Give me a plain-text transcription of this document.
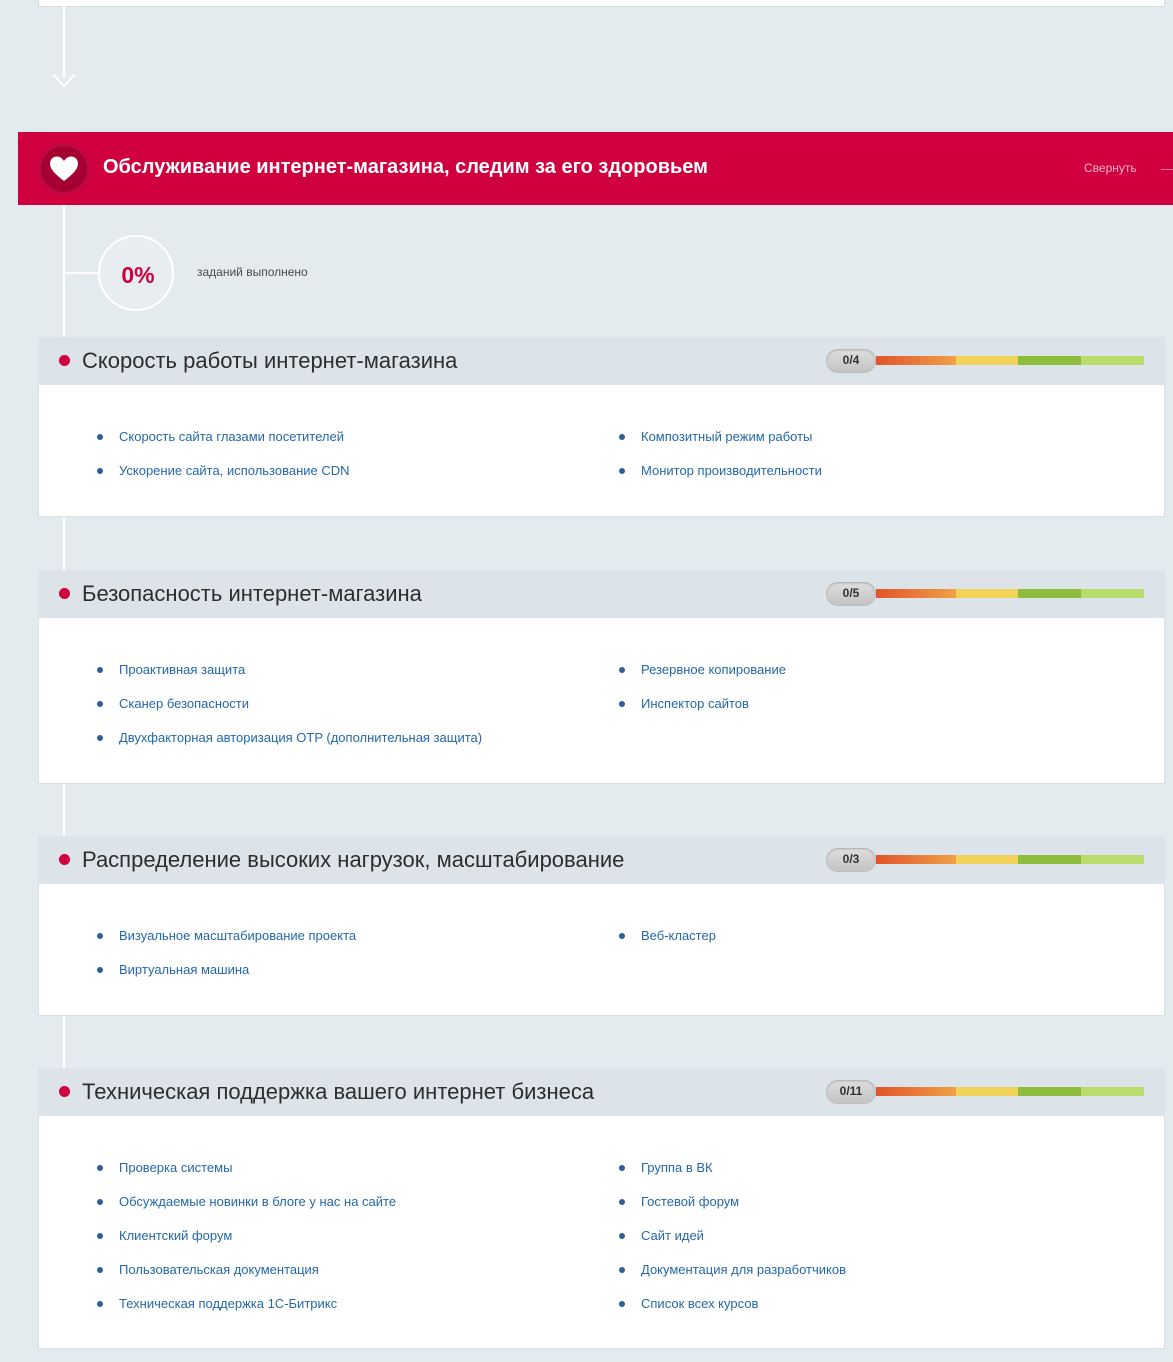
Обслуживание интернет-магазина, следим за его здоровьем	Свернуть
0%	заданий выполнено
Скорость работы интернет-магазина	0/4
Скорость сайта глазами посетителей
Ускорение сайта, использование CDN
Композитный режим работы
Монитор производительности
Безопасность интернет-магазина	0/5
Проактивная защита
Сканер безопасности
Двухфакторная авторизация OTP (дополнительная защита)
Резервное копирование
Инспектор сайтов
Распределение высоких нагрузок, масштабирование	0/3
Визуальное масштабирование проекта
Виртуальная машина
Веб-кластер
Техническая поддержка вашего интернет бизнеса	0/11
Проверка системы
Обсуждаемые новинки в блоге у нас на сайте
Клиентский форум
Пользовательская документация
Техническая поддержка 1С-Битрикс
Группа в ВК
Гостевой форум
Сайт идей
Документация для разработчиков
Список всех курсов
